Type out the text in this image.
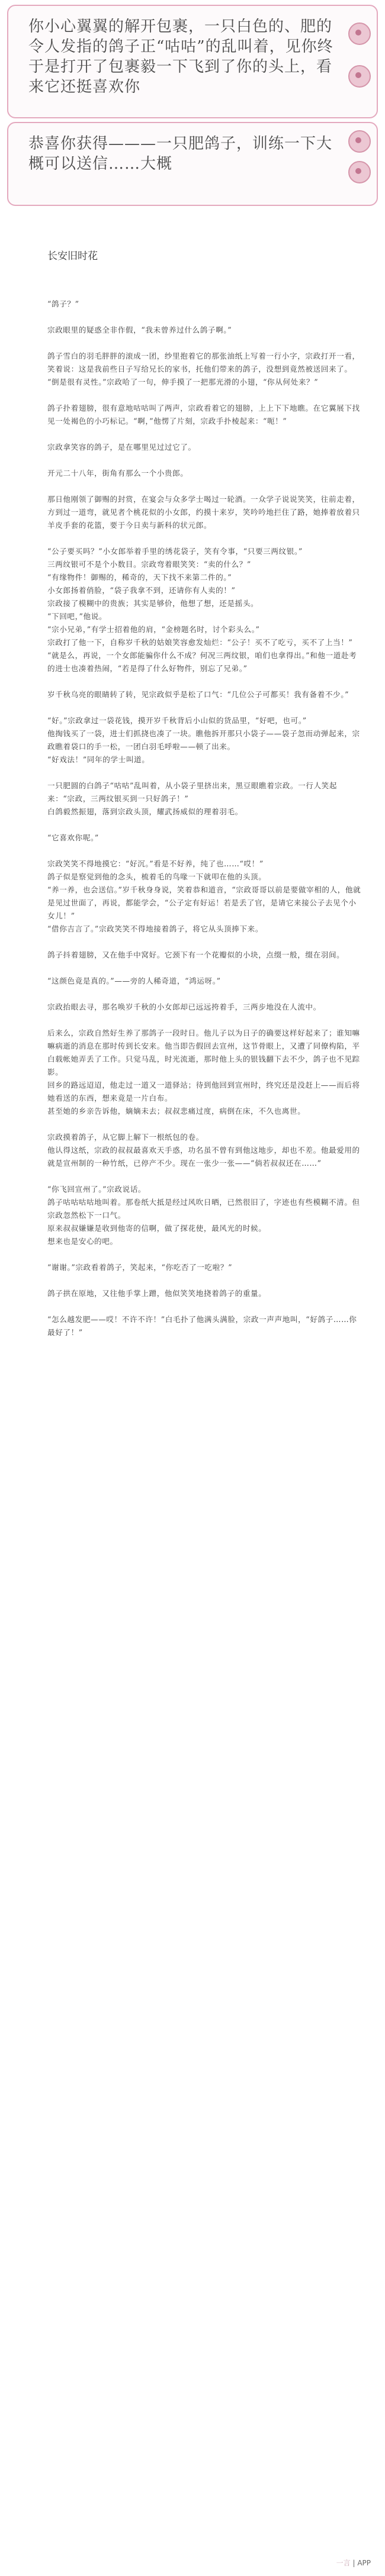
你小心翼翼的解开包裹，一只白色的、肥的令人发指的鸽子正“咕咕”的乱叫着，见你终于是打开了包裹毅一下飞到了你的头上，看来它还挺喜欢你

恭喜你获得———一只肥鸽子，训练一下大概可以送信……大概

长安旧时花

“鸽子？”

宗政眼里的疑惑全非作假，“我未曾养过什么鸽子啊。”

鸽子雪白的羽毛胖胖的滚成一团，纱里抱着它的那张油纸上写着一行小字，宗政打开一看，笑着说：这是我前些日子写给兄长的家书，托他们带来的鸽子，没想到竟然被送回来了。
“倒是很有灵性。”宗政哈了一句，伸手摸了一把那光滑的小翅，“你从何处来？”

鸽子扑着翅膀，很有意地咕咕叫了两声，宗政看着它的翅膀，上上下下地瞧。在它翼展下找见一处褐色的小巧标记。“啊，”他愣了片刻，宗政手扑棱起来：“呃！”

宗政拿笑容的鸽子，是在哪里见过过它了。

开元二十八年，街角有那么一个小贵郎。

那日他刚领了御赐的封赏，在宴会与众多学士喝过一轮酒。一众学子说说笑笑，往前走着，方到过一道弯，就见者个桃花似的小女郎，约摸十来岁，笑吟吟地拦住了路，她捧着放着只羊皮手套的花篮，要于今日卖与新科的状元郎。

“公子要买吗？”小女郎举着手里的绣花袋子，笑有令事，“只要三两纹银。”
三两纹银可不是个小数目。宗政弯着眼笑笑：“卖的什么？”
“有缘物件！御赐的，稀奇的，天下找不来第二件的。”
小女郎扬着俏脸，“袋子我拿不到，还请你有人卖的！”
宗政接了模糊中的贵族；其实是够价，他想了想，还是摇头。
“下回吧，”他说。
“宗小兄弟，”有学士招着他的肩，“金榜题名时，讨个彩头么。”
宗政打了他一下，自称岁千秋的姑娘笑容愈发灿烂：“公子！买不了吃亏，买不了上当！”
“就是么，再说，一个女郎能骗你什么不成？何况三两纹银，咱们也拿得出。”和他一道赴考的进士也凑着热闹，“若是得了什么好物件，别忘了兄弟。”

岁千秋乌亮的眼睛转了转，见宗政似乎是松了口气：“几位公子可都买！我有备着不少。”

“好。”宗政拿过一袋花钱，摸开岁千秋背后小山似的货品里，“好吧，也可。”
他掏钱买了一袋，进士们抓挠也凑了一块。瞧他拆开那只小袋子——袋子忽而动弹起来，宗政瞧着袋口的手一松，一团白羽毛呼啦——顿了出来。
“好戏法！”同年的学士叫道。

一只肥圆的白鸽子“咕咕”乱叫着，从小袋子里挤出来，黑豆眼瞧着宗政。一行人笑起来：“宗政，三两纹银买到一只好鸽子！”
白鸽毅然振翅，落到宗政头顶，耀武扬威似的理着羽毛。

“它喜欢你呢。”

宗政笑笑不得地摸它：“好沉。”看是不好养，纯了也……“哎！”
鸽子似是察觉到他的念头，梳着毛的鸟喙一下就叩在他的头顶。
“养一养，也会送信。”岁千秋身身说，笑着恭和道音，“宗政哥哥以前是要做宰相的人，他就是见过世面了，再说，都能学会，“公子定有好运！若是丢了官，是请它来接公子去见个小女儿！”
“借你吉言了。”宗政笑笑不得地接着鸽子，将它从头顶捧下来。

鸽子抖着翅膀，又在他手中窝好。它颈下有一个花瓣似的小块，点缀一般，缀在羽间。

“这颜色竟是真的。”——旁的人稀奇道，“鸿运呀。”

宗政抬眼去寻，那名唤岁千秋的小女郎却已远远挎着手，三两步地没在人流中。

后来么，宗政自然好生养了那鸽子一段时日。他儿子以为日子的确要这样好起来了；谁知嘛嘛病逝的消息在那时传到长安来。他当即告假回去宣州，这节骨眼上，又遭了同僚构陷，平白载帐她弄丢了工作。只觉马乱，时光流逝，那时他上头的银钱翻下去不少，鸽子也不见踪影。
回乡的路远迢迢，他走过一道又一道驿站；待到他回到宣州时，终究还是没赶上——而后将她看送的东西，想来竟是一片白布。
甚至她的乡亲告诉他，嫡嫡未去；叔叔悲痛过度，病倒在床，不久也离世。

宗政摸着鸽子，从它脚上解下一根纸包的卷。
他认得这纸，宗政的叔叔最喜欢天手惑，功名虽不曾有到他这地步，却也不差。他最爱用的就是宣州制的一种竹纸，已停产不少。现在一张少一张——“倘若叔叔还在……”

“你飞回宣州了。”宗政说话。
鸽子咕咕咕咕地叫着。那卷纸大抵是经过风吹日晒，已然很旧了，字迹也有些模糊不清。但宗政忽然松下一口气。
原来叔叔嫌嫌是收到他寄的信啊，做了探花使，最风光的时候。
想来也是安心的吧。

“谢谢。”宗政看着鸽子，笑起来，“你吃否了一吃啦？”

鸽子拱在原地，又往他手掌上蹭，他似笑笑地挠着鸽子的重量。

“怎么越发肥——哎！不许不许！”白毛扑了他满头满脸，宗政一声声地叫，“好鸽子……你最好了！”

一言 | APP
